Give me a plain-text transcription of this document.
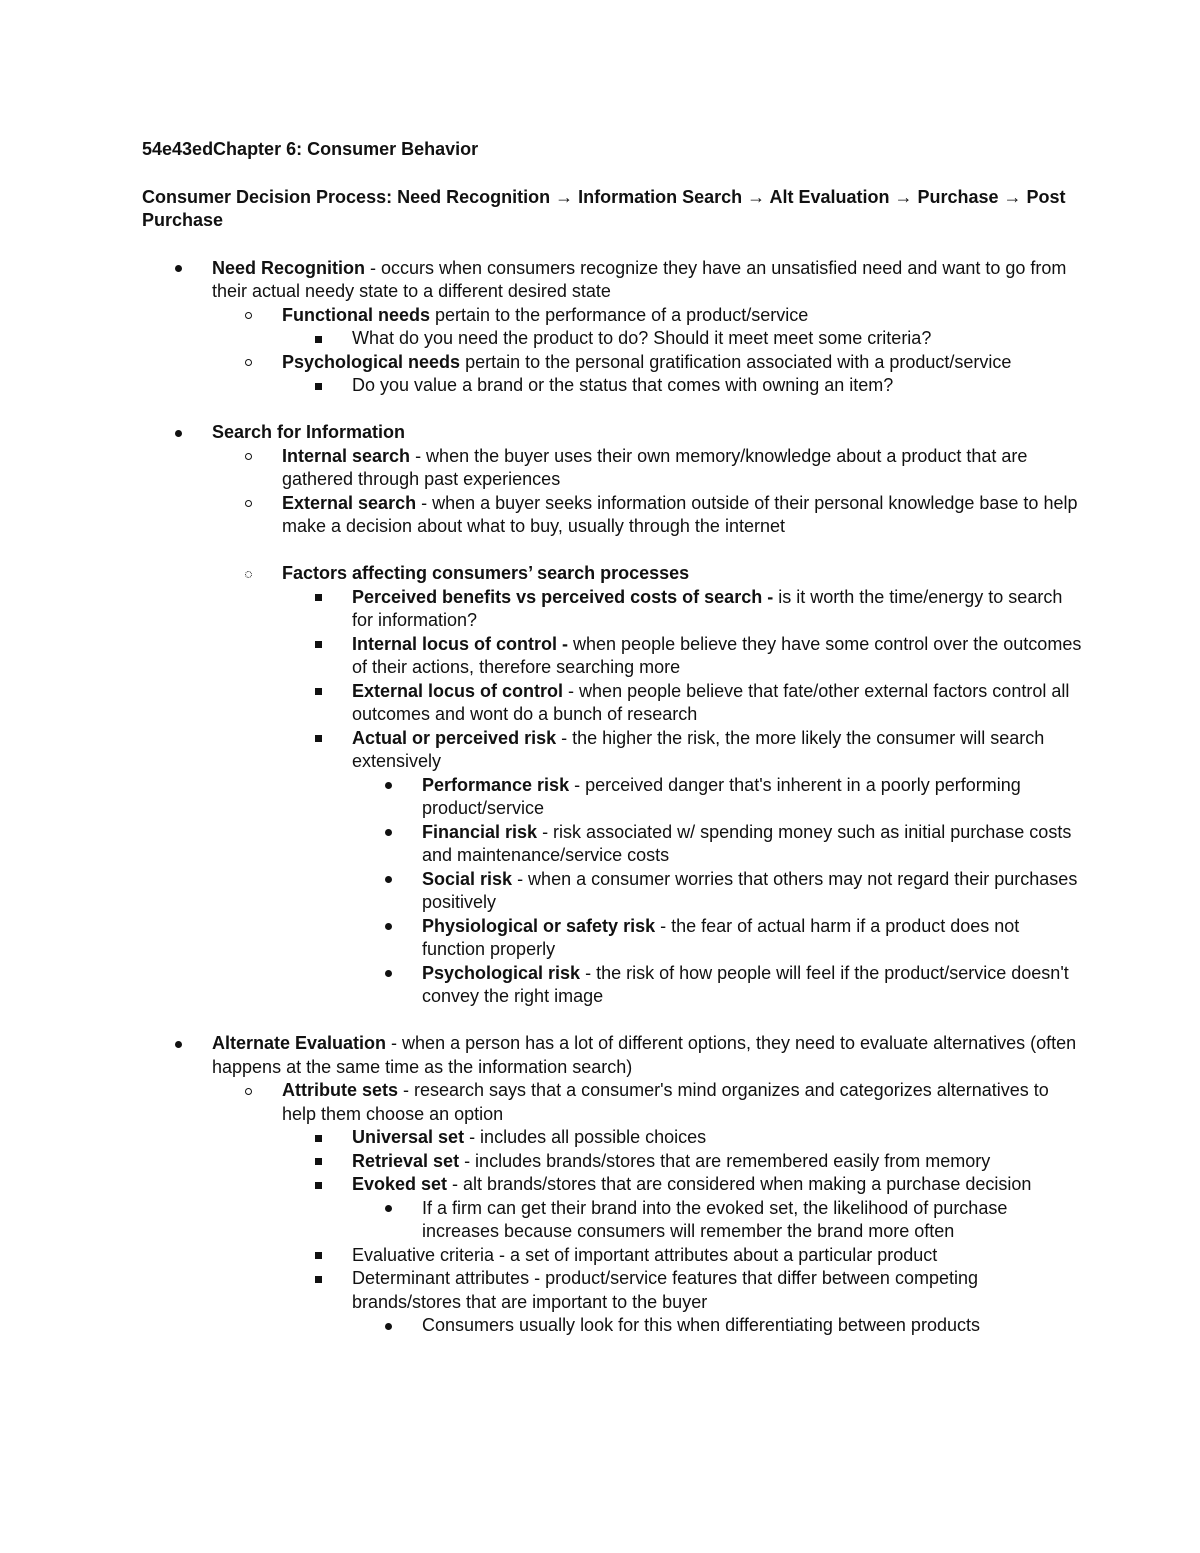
54e43edChapter 6: Consumer Behavior
Consumer Decision Process: Need Recognition → Information Search → Alt Evaluation → Purchase → Post Purchase
Need Recognition - occurs when consumers recognize they have an unsatisfied need and want to go from their actual needy state to a different desired state
Functional needs pertain to the performance of a product/service
What do you need the product to do? Should it meet meet some criteria?
Psychological needs pertain to the personal gratification associated with a product/service
Do you value a brand or the status that comes with owning an item?
Search for Information
Internal search - when the buyer uses their own memory/knowledge about a product that are gathered through past experiences
External search - when a buyer seeks information outside of their personal knowledge base to help make a decision about what to buy, usually through the internet
Factors affecting consumers’ search processes
Perceived benefits vs perceived costs of search - is it worth the time/energy to search for information?
Internal locus of control - when people believe they have some control over the outcomes of their actions, therefore searching more
External locus of control - when people believe that fate/other external factors control all outcomes and wont do a bunch of research
Actual or perceived risk - the higher the risk, the more likely the consumer will search extensively
Performance risk - perceived danger that's inherent in a poorly performing product/service
Financial risk - risk associated w/ spending money such as initial purchase costs and maintenance/service costs
Social risk - when a consumer worries that others may not regard their purchases positively
Physiological or safety risk - the fear of actual harm if a product does not function properly
Psychological risk - the risk of how people will feel if the product/service doesn't convey the right image
Alternate Evaluation - when a person has a lot of different options, they need to evaluate alternatives (often happens at the same time as the information search)
Attribute sets - research says that a consumer's mind organizes and categorizes alternatives to help them choose an option
Universal set - includes all possible choices
Retrieval set - includes brands/stores that are remembered easily from memory
Evoked set - alt brands/stores that are considered when making a purchase decision
If a firm can get their brand into the evoked set, the likelihood of purchase increases because consumers will remember the brand more often
Evaluative criteria - a set of important attributes about a particular product
Determinant attributes - product/service features that differ between competing brands/stores that are important to the buyer
Consumers usually look for this when differentiating between products
